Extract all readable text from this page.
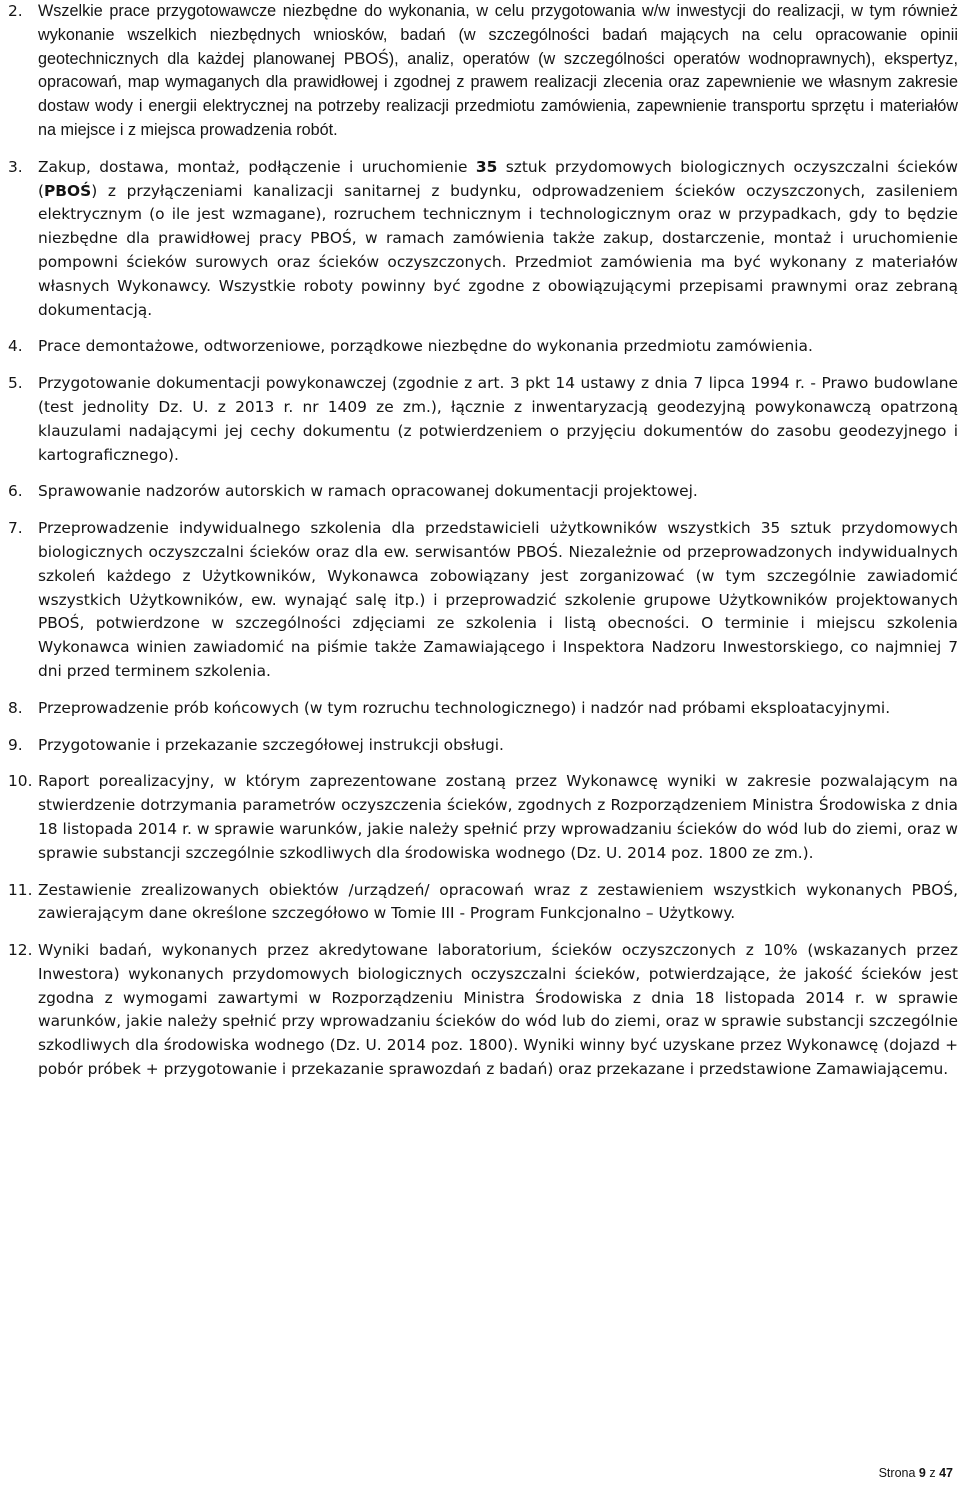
2. Wszelkie prace przygotowawcze niezbędne do wykonania, w celu przygotowania w/w inwestycji do realizacji, w tym również wykonanie wszelkich niezbędnych wniosków, badań (w szczególności badań mających na celu opracowanie opinii geotechnicznych dla każdej planowanej PBOŚ), analiz, operatów (w szczególności operatów wodnoprawnych), ekspertyz, opracowań, map wymaganych dla prawidłowej i zgodnej z prawem realizacji zlecenia oraz zapewnienie we własnym zakresie dostaw wody i energii elektrycznej na potrzeby realizacji przedmiotu zamówienia, zapewnienie transportu sprzętu i materiałów na miejsce i z miejsca prowadzenia robót.

3. Zakup, dostawa, montaż, podłączenie i uruchomienie 35 sztuk przydomowych biologicznych oczyszczalni ścieków (PBOŚ) z przyłączeniami kanalizacji sanitarnej z budynku, odprowadzeniem ścieków oczyszczonych, zasileniem elektrycznym (o ile jest wzmagane), rozruchem technicznym i technologicznym oraz w przypadkach, gdy to będzie niezbędne dla prawidłowej pracy PBOŚ, w ramach zamówienia także zakup, dostarczenie, montaż i uruchomienie pompowni ścieków surowych oraz ścieków oczyszczonych. Przedmiot zamówienia ma być wykonany z materiałów własnych Wykonawcy. Wszystkie roboty powinny być zgodne z obowiązującymi przepisami prawnymi oraz zebraną dokumentacją.

4. Prace demontażowe, odtworzeniowe, porządkowe niezbędne do wykonania przedmiotu zamówienia.

5. Przygotowanie dokumentacji powykonawczej (zgodnie z art. 3 pkt 14 ustawy z dnia 7 lipca 1994 r. - Prawo budowlane (test jednolity Dz. U. z 2013 r. nr 1409 ze zm.), łącznie z inwentaryzacją geodezyjną powykonawczą opatrzoną klauzulami nadającymi jej cechy dokumentu (z potwierdzeniem o przyjęciu dokumentów do zasobu geodezyjnego i kartograficznego).

6. Sprawowanie nadzorów autorskich w ramach opracowanej dokumentacji projektowej.

7. Przeprowadzenie indywidualnego szkolenia dla przedstawicieli użytkowników wszystkich 35 sztuk przydomowych biologicznych oczyszczalni ścieków oraz dla ew. serwisantów PBOŚ. Niezależnie od przeprowadzonych indywidualnych szkoleń każdego z Użytkowników, Wykonawca zobowiązany jest zorganizować (w tym szczególnie zawiadomić wszystkich Użytkowników, ew. wynająć salę itp.) i przeprowadzić szkolenie grupowe Użytkowników projektowanych PBOŚ, potwierdzone w szczególności zdjęciami ze szkolenia i listą obecności. O terminie i miejscu szkolenia Wykonawca winien zawiadomić na piśmie także Zamawiającego i Inspektora Nadzoru Inwestorskiego, co najmniej 7 dni przed terminem szkolenia.

8. Przeprowadzenie prób końcowych (w tym rozruchu technologicznego) i nadzór nad próbami eksploatacyjnymi.

9. Przygotowanie i przekazanie szczegółowej instrukcji obsługi.

10. Raport porealizacyjny, w którym zaprezentowane zostaną przez Wykonawcę wyniki w zakresie pozwalającym na stwierdzenie dotrzymania parametrów oczyszczenia ścieków, zgodnych z Rozporządzeniem Ministra Środowiska z dnia 18 listopada 2014 r. w sprawie warunków, jakie należy spełnić przy wprowadzaniu ścieków do wód lub do ziemi, oraz w sprawie substancji szczególnie szkodliwych dla środowiska wodnego (Dz. U. 2014 poz. 1800 ze zm.).

11. Zestawienie zrealizowanych obiektów /urządzeń/ opracowań wraz z zestawieniem wszystkich wykonanych PBOŚ, zawierającym dane określone szczegółowo w Tomie III - Program Funkcjonalno – Użytkowy.

12. Wyniki badań, wykonanych przez akredytowane laboratorium, ścieków oczyszczonych z 10% (wskazanych przez Inwestora) wykonanych przydomowych biologicznych oczyszczalni ścieków, potwierdzające, że jakość ścieków jest zgodna z wymogami zawartymi w Rozporządzeniu Ministra Środowiska z dnia 18 listopada 2014 r. w sprawie warunków, jakie należy spełnić przy wprowadzaniu ścieków do wód lub do ziemi, oraz w sprawie substancji szczególnie szkodliwych dla środowiska wodnego (Dz. U. 2014 poz. 1800). Wyniki winny być uzyskane przez Wykonawcę (dojazd + pobór próbek + przygotowanie i przekazanie sprawozdań z badań) oraz przekazane i przedstawione Zamawiającemu.

Strona 9 z 47
